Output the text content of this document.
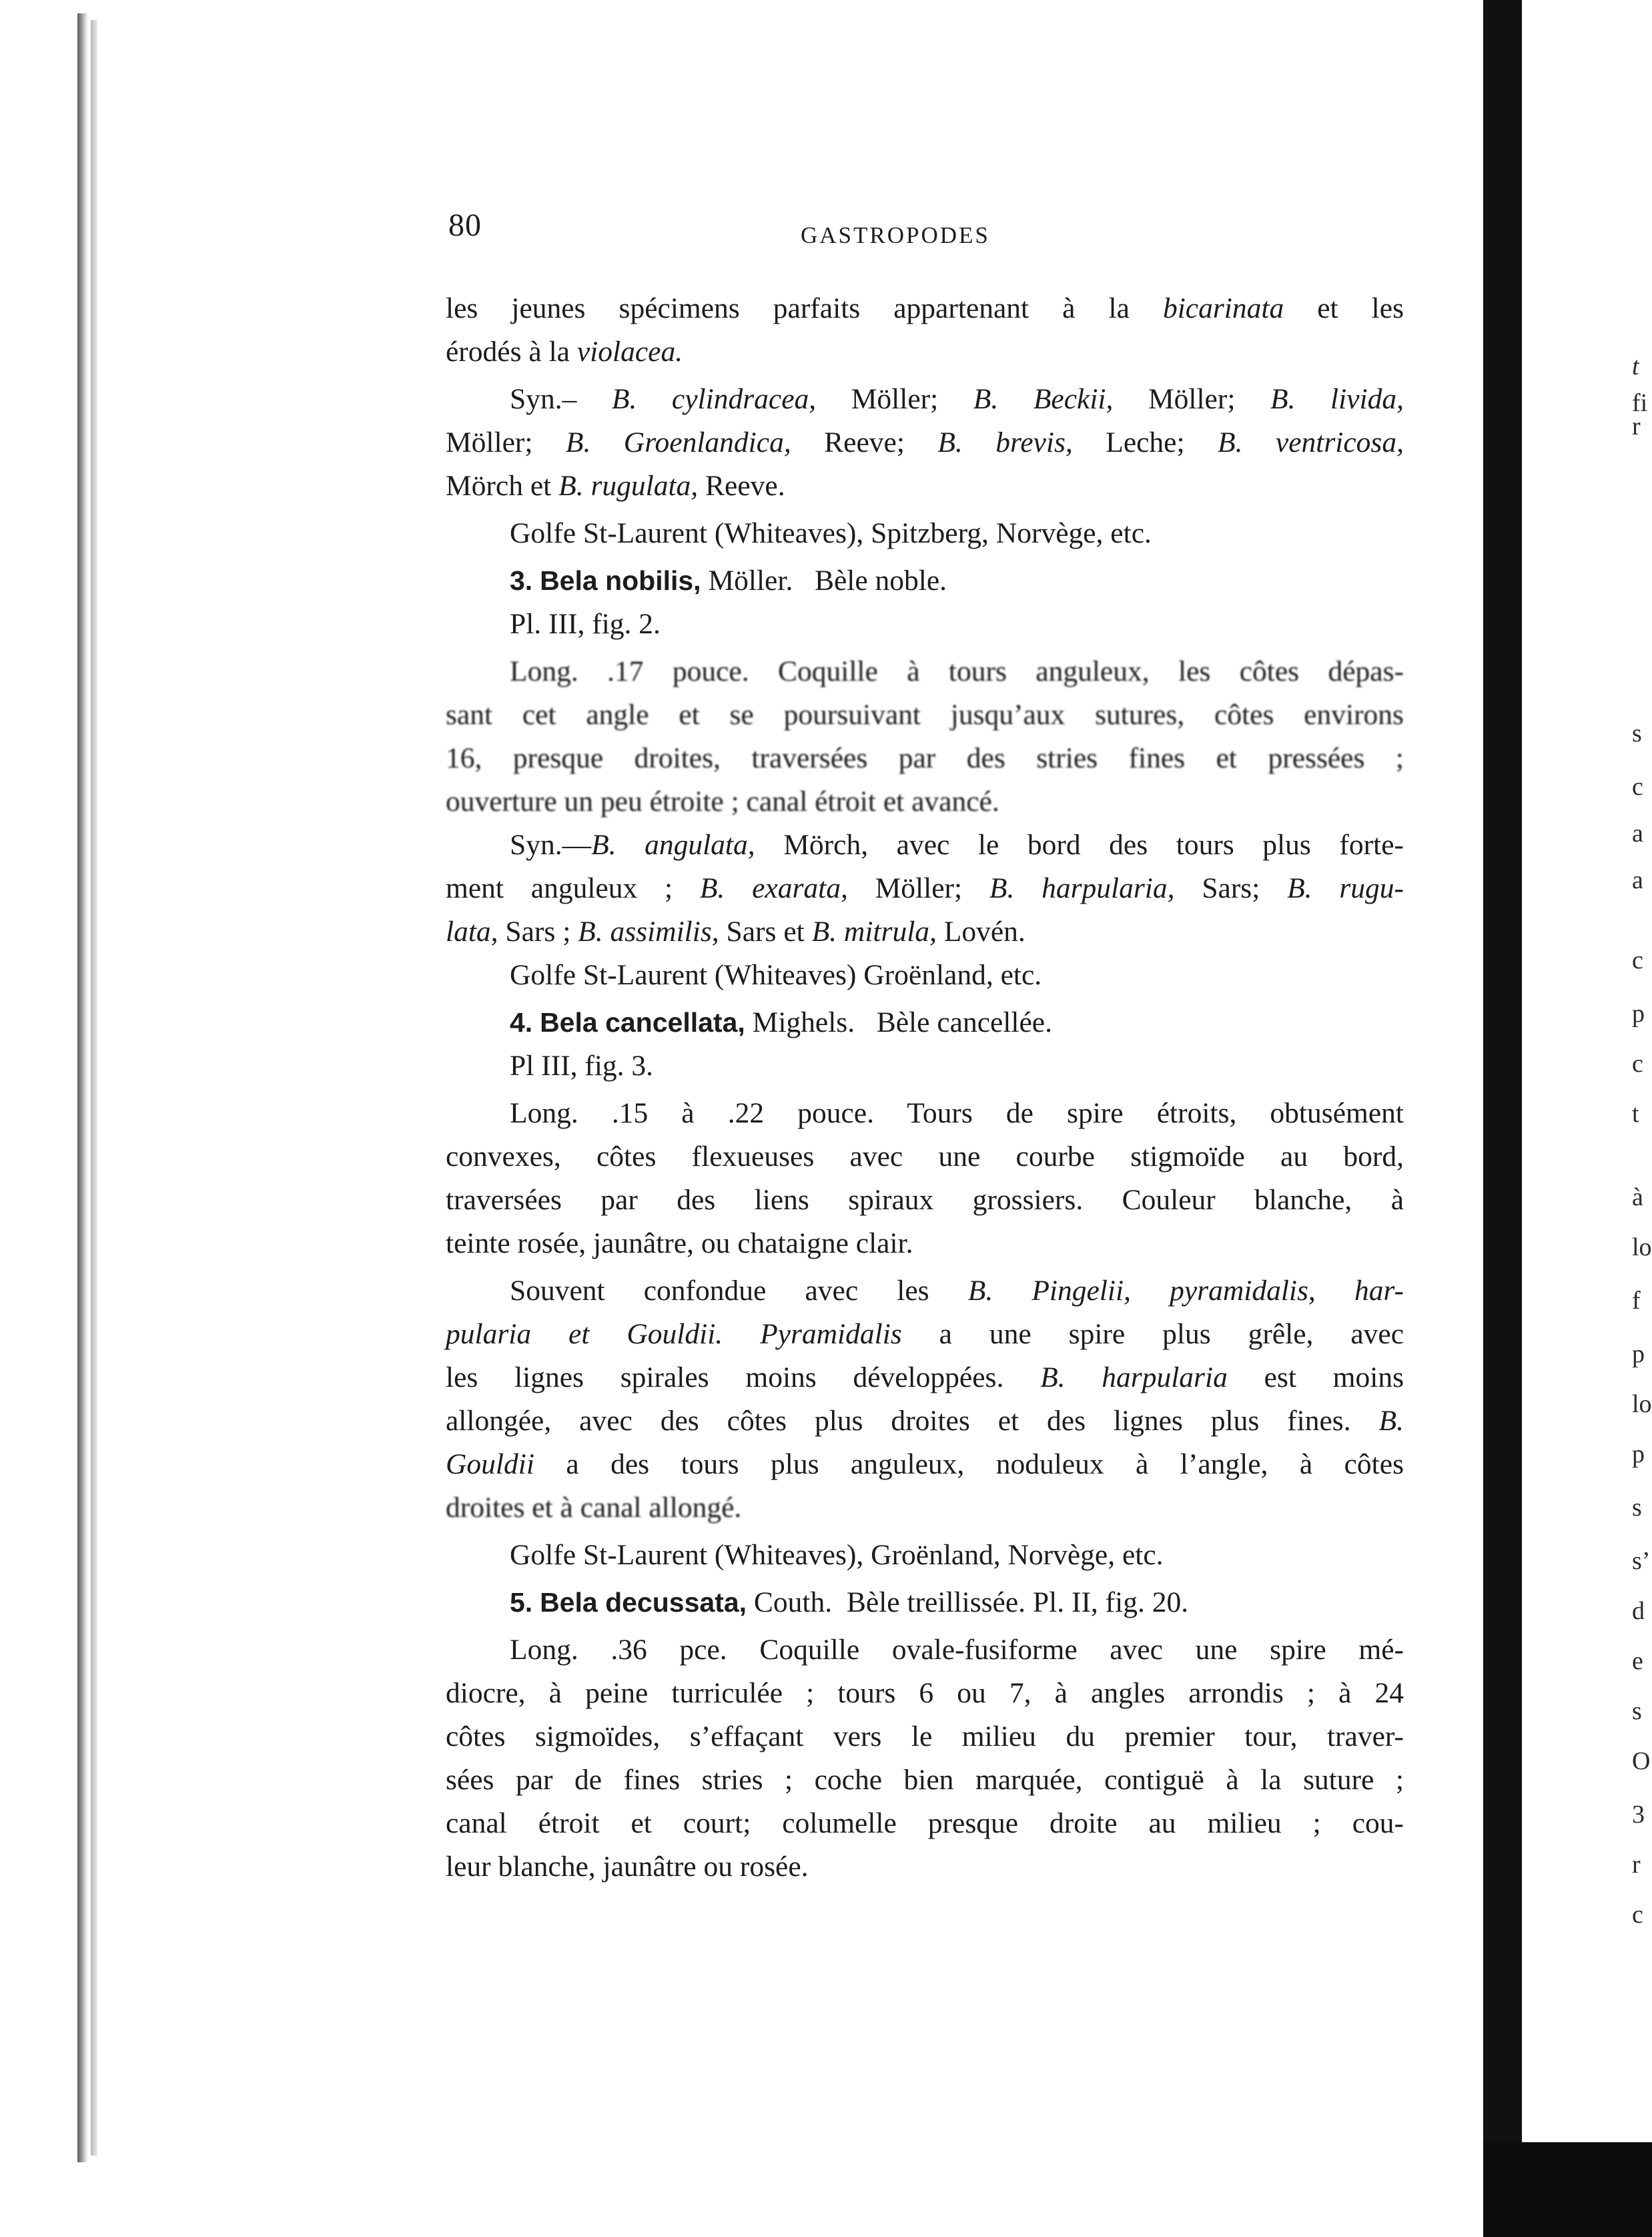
80	GASTROPODES
les jeunes spécimens parfaits appartenant à la bicarinata et les
érodés à la violacea.
Syn.– B. cylindracea, Möller; B. Beckii, Möller; B. livida,
Möller; B. Groenlandica, Reeve; B. brevis, Leche; B. ventricosa,
Mörch et B. rugulata, Reeve.
Golfe St-Laurent (Whiteaves), Spitzberg, Norvège, etc.
3. Bela nobilis, Möller. Bèle noble.
Pl. III, fig. 2.
Long. .17 pouce. Coquille à tours anguleux, les côtes dépas-
sant cet angle et se poursuivant jusqu’aux sutures, côtes environs
16, presque droites, traversées par des stries fines et pressées ;
ouverture un peu étroite ; canal étroit et avancé.
Syn.—B. angulata, Mörch, avec le bord des tours plus forte-
ment anguleux ; B. exarata, Möller; B. harpularia, Sars; B. rugu-
lata, Sars ; B. assimilis, Sars et B. mitrula, Lovén.
Golfe St-Laurent (Whiteaves) Groënland, etc.
4. Bela cancellata, Mighels. Bèle cancellée.
Pl III, fig. 3.
Long. .15 à .22 pouce. Tours de spire étroits, obtusément
convexes, côtes flexueuses avec une courbe stigmoïde au bord,
traversées par des liens spiraux grossiers. Couleur blanche, à
teinte rosée, jaunâtre, ou chataigne clair.
Souvent confondue avec les B. Pingelii, pyramidalis, har-
pularia et Gouldii. Pyramidalis a une spire plus grêle, avec
les lignes spirales moins développées. B. harpularia est moins
allongée, avec des côtes plus droites et des lignes plus fines. B.
Gouldii a des tours plus anguleux, noduleux à l’angle, à côtes
droites et à canal allongé.
Golfe St-Laurent (Whiteaves), Groënland, Norvège, etc.
5. Bela decussata, Couth. Bèle treillissée. Pl. II, fig. 20.
Long. .36 pce. Coquille ovale-fusiforme avec une spire mé-
diocre, à peine turriculée ; tours 6 ou 7, à angles arrondis ; à 24
côtes sigmoïdes, s’effaçant vers le milieu du premier tour, traver-
sées par de fines stries ; coche bien marquée, contiguë à la suture ;
canal étroit et court; columelle presque droite au milieu ; cou-
leur blanche, jaunâtre ou rosée.
t
fi
r
s
c
a
a
c
p
c
t
à
lo
f
p
lo
p
s
s’
d
e
s
O
3
r
c
